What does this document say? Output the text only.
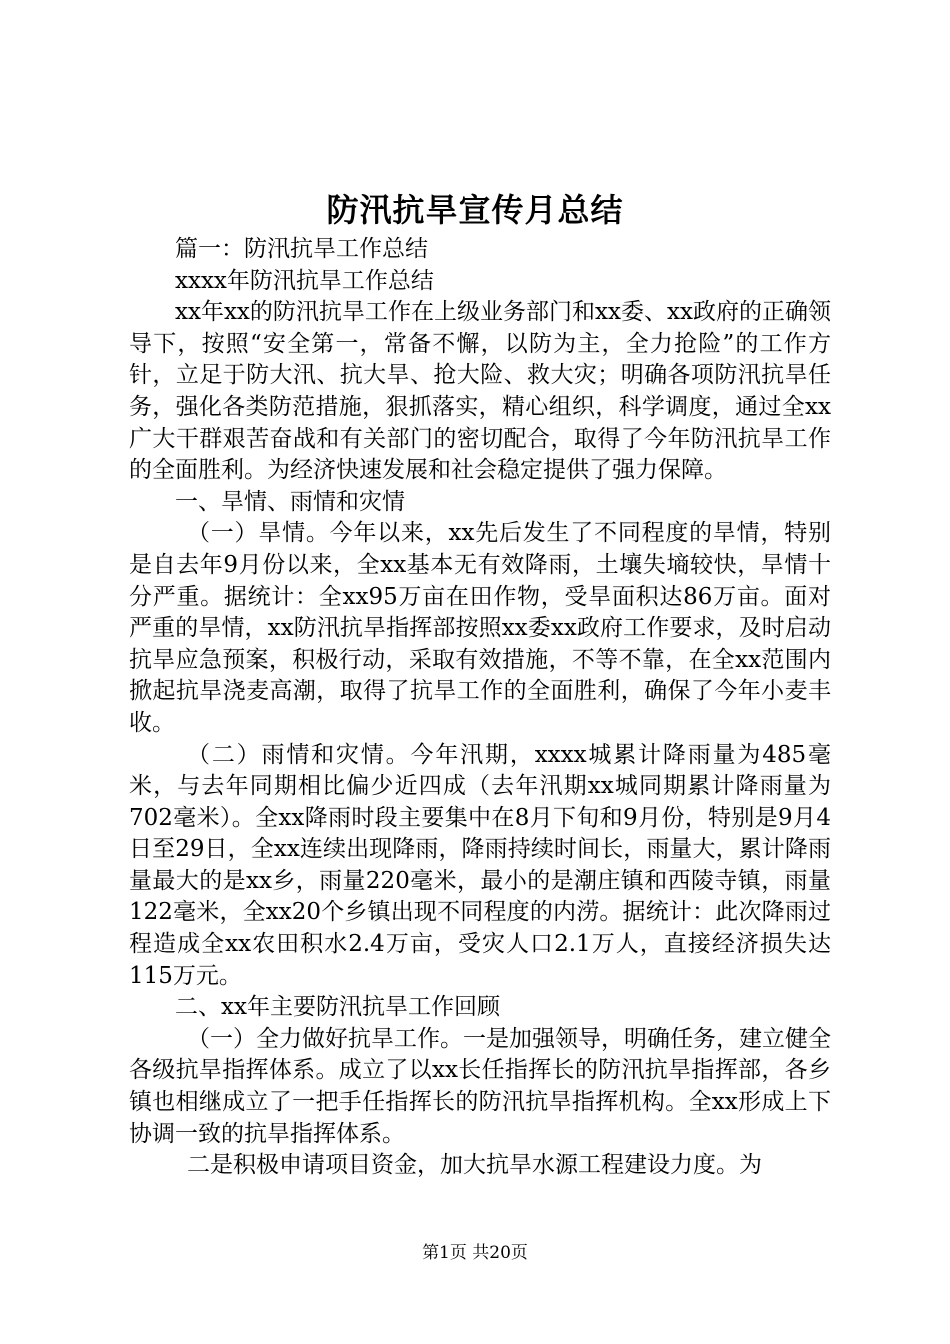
防汛抗旱宣传月总结

篇一：防汛抗旱工作总结

xxxx年防汛抗旱工作总结

xx年xx的防汛抗旱工作在上级业务部门和xx委、xx政府的正确领导下，按照“安全第一，常备不懈，以防为主，全力抢险”的工作方针，立足于防大汛、抗大旱、抢大险、救大灾；明确各项防汛抗旱任务，强化各类防范措施，狠抓落实，精心组织，科学调度，通过全xx广大干群艰苦奋战和有关部门的密切配合，取得了今年防汛抗旱工作的全面胜利。为经济快速发展和社会稳定提供了强力保障。

一、旱情、雨情和灾情

（一）旱情。今年以来，xx先后发生了不同程度的旱情，特别是自去年9月份以来，全xx基本无有效降雨，土壤失墒较快，旱情十分严重。据统计：全xx95万亩在田作物，受旱面积达86万亩。面对严重的旱情，xx防汛抗旱指挥部按照xx委xx政府工作要求，及时启动抗旱应急预案，积极行动，采取有效措施，不等不靠，在全xx范围内掀起抗旱浇麦高潮，取得了抗旱工作的全面胜利，确保了今年小麦丰收。

（二）雨情和灾情。今年汛期，xxxx城累计降雨量为485毫米，与去年同期相比偏少近四成（去年汛期xx城同期累计降雨量为702毫米）。全xx降雨时段主要集中在8月下旬和9月份，特别是9月4日至29日，全xx连续出现降雨，降雨持续时间长，雨量大，累计降雨量最大的是xx乡，雨量220毫米，最小的是潮庄镇和西陵寺镇，雨量122毫米，全xx20个乡镇出现不同程度的内涝。据统计：此次降雨过程造成全xx农田积水2.4万亩，受灾人口2.1万人，直接经济损失达115万元。

二、xx年主要防汛抗旱工作回顾

（一）全力做好抗旱工作。一是加强领导，明确任务，建立健全各级抗旱指挥体系。成立了以xx长任指挥长的防汛抗旱指挥部，各乡镇也相继成立了一把手任指挥长的防汛抗旱指挥机构。全xx形成上下协调一致的抗旱指挥体系。

二是积极申请项目资金，加大抗旱水源工程建设力度。为

第1页 共20页
